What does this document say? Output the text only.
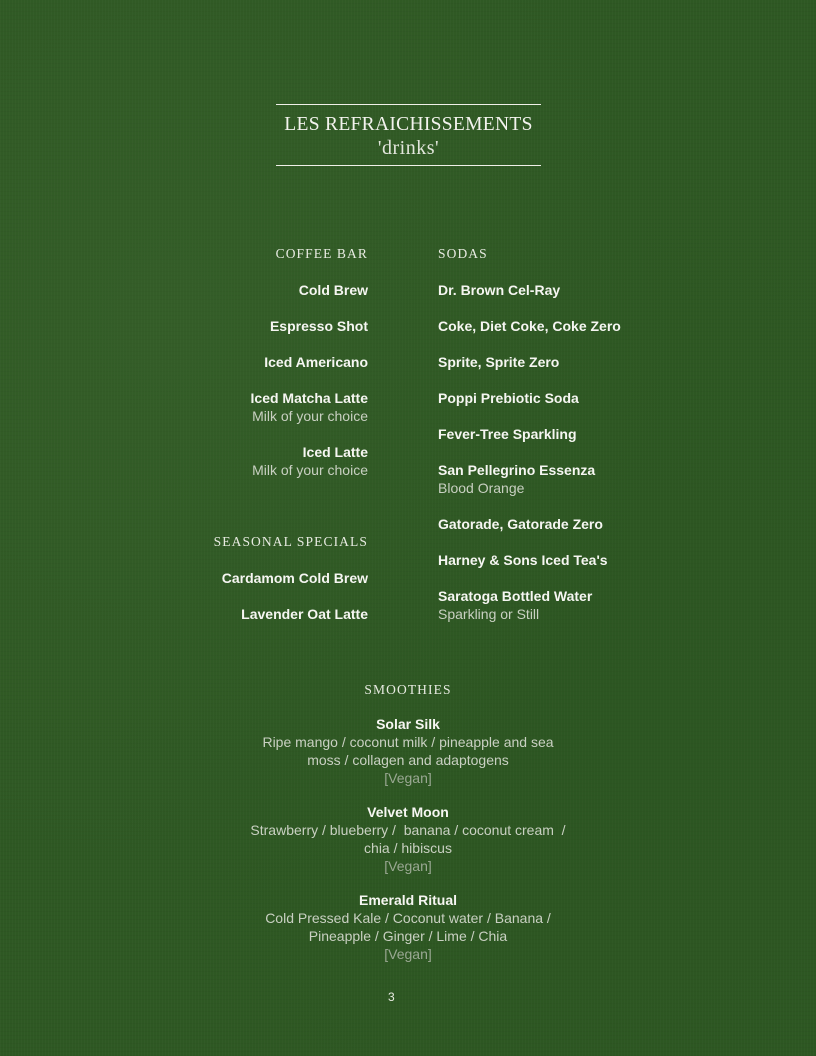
LES REFRAICHISSEMENTS
'drinks'
COFFEE BAR
Cold Brew
Espresso Shot
Iced Americano
Iced Matcha Latte
Milk of your choice
Iced Latte
Milk of your choice
SEASONAL SPECIALS
Cardamom Cold Brew
Lavender Oat Latte
SODAS
Dr. Brown Cel-Ray
Coke, Diet Coke, Coke Zero
Sprite, Sprite Zero
Poppi Prebiotic Soda
Fever-Tree Sparkling
San Pellegrino Essenza
Blood Orange
Gatorade, Gatorade Zero
Harney & Sons Iced Tea's
Saratoga Bottled Water
Sparkling or Still
SMOOTHIES
Solar Silk
Ripe mango / coconut milk / pineapple and sea
moss / collagen and adaptogens
[Vegan]
Velvet Moon
Strawberry / blueberry /  banana / coconut cream  /
chia / hibiscus
[Vegan]
Emerald Ritual
Cold Pressed Kale / Coconut water / Banana /
Pineapple / Ginger / Lime / Chia
[Vegan]
3
